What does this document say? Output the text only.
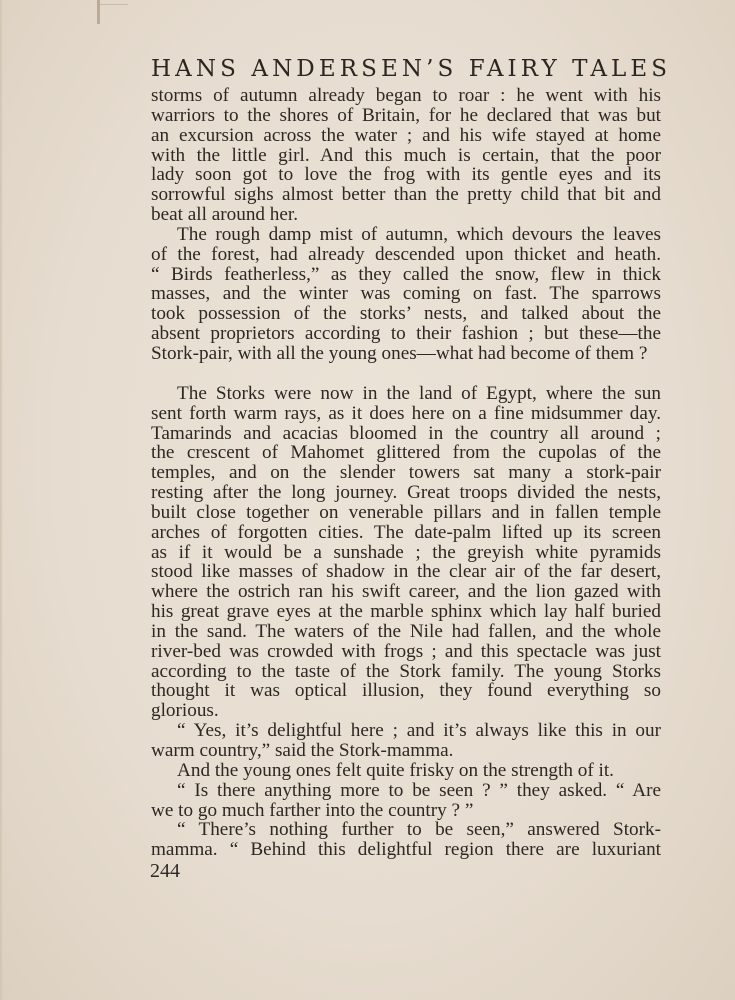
HANS ANDERSEN’S FAIRY TALES
storms of autumn already began to roar : he went with his
warriors to the shores of Britain, for he declared that was but
an excursion across the water ; and his wife stayed at home
with the little girl. And this much is certain, that the poor
lady soon got to love the frog with its gentle eyes and its
sorrowful sighs almost better than the pretty child that bit and
beat all around her.
The rough damp mist of autumn, which devours the leaves
of the forest, had already descended upon thicket and heath.
“ Birds featherless,” as they called the snow, flew in thick
masses, and the winter was coming on fast. The sparrows
took possession of the storks’ nests, and talked about the
absent proprietors according to their fashion ; but these—the
Stork-pair, with all the young ones—what had become of them ?
The Storks were now in the land of Egypt, where the sun
sent forth warm rays, as it does here on a fine midsummer day.
Tamarinds and acacias bloomed in the country all around ;
the crescent of Mahomet glittered from the cupolas of the
temples, and on the slender towers sat many a stork-pair
resting after the long journey. Great troops divided the nests,
built close together on venerable pillars and in fallen temple
arches of forgotten cities. The date-palm lifted up its screen
as if it would be a sunshade ; the greyish white pyramids
stood like masses of shadow in the clear air of the far desert,
where the ostrich ran his swift career, and the lion gazed with
his great grave eyes at the marble sphinx which lay half buried
in the sand. The waters of the Nile had fallen, and the whole
river-bed was crowded with frogs ; and this spectacle was just
according to the taste of the Stork family. The young Storks
thought it was optical illusion, they found everything so
glorious.
“ Yes, it’s delightful here ; and it’s always like this in our
warm country,” said the Stork-mamma.
And the young ones felt quite frisky on the strength of it.
“ Is there anything more to be seen ? ” they asked. “ Are
we to go much farther into the country ? ”
“ There’s nothing further to be seen,” answered Stork-
mamma. “ Behind this delightful region there are luxuriant
244
